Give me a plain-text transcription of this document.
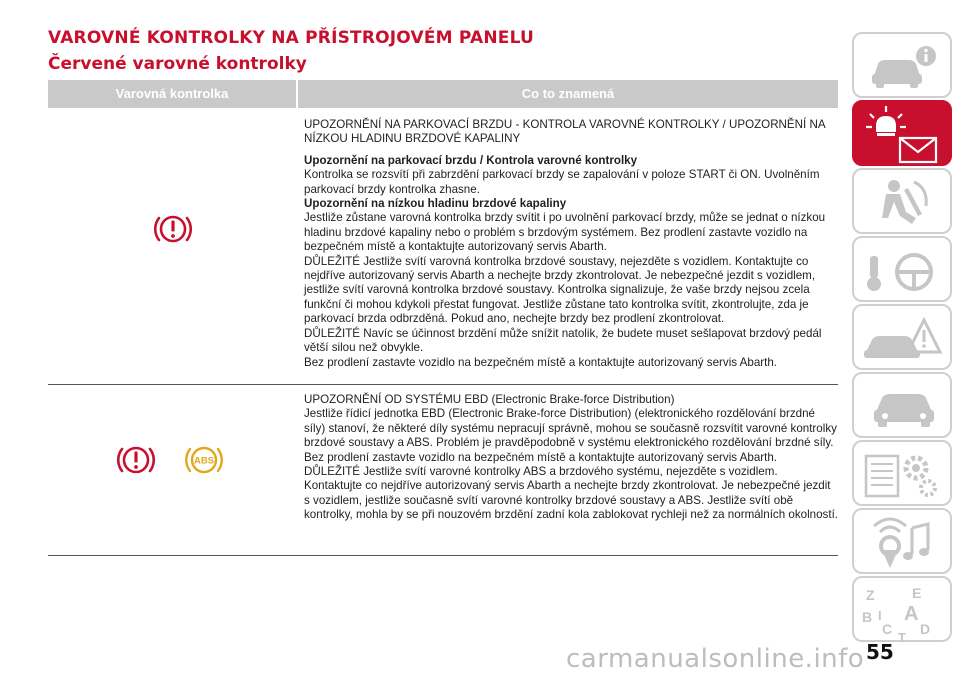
VAROVNÉ KONTROLKY NA PŘÍSTROJOVÉM PANELU
Červené varovné kontrolky
Varovná kontrolka	Co to znamená

UPOZORNĚNÍ NA PARKOVACÍ BRZDU - KONTROLA VAROVNÉ KONTROLKY / UPOZORNĚNÍ NA NÍZKOU HLADINU BRZDOVÉ KAPALINY

Upozornění na parkovací brzdu / Kontrola varovné kontrolky

Kontrolka se rozsvítí při zabrzdění parkovací brzdy se zapalování v poloze START či ON. Uvolněním parkovací brzdy kontrolka zhasne.

Upozornění na nízkou hladinu brzdové kapaliny

Jestliže zůstane varovná kontrolka brzdy svítit i po uvolnění parkovací brzdy, může se jednat o nízkou hladinu brzdové kapaliny nebo o problém s brzdovým systémem. Bez prodlení zastavte vozidlo na bezpečném místě a kontaktujte autorizovaný servis Abarth.

DŮLEŽITÉ Jestliže svítí varovná kontrolka brzdové soustavy, nejezděte s vozidlem. Kontaktujte co nejdříve autorizovaný servis Abarth a nechejte brzdy zkontrolovat. Je nebezpečné jezdit s vozidlem, jestliže svítí varovná kontrolka brzdové soustavy. Kontrolka signalizuje, že vaše brzdy nejsou zcela funkční či mohou kdykoli přestat fungovat. Jestliže zůstane tato kontrolka svítit, zkontrolujte, zda je parkovací brzda odbrzděná. Pokud ano, nechejte brzdy bez prodlení zkontrolovat.

DŮLEŽITÉ Navíc se účinnost brzdění může snížit natolik, že budete muset sešlapovat brzdový pedál větší silou než obvykle.

Bez prodlení zastavte vozidlo na bezpečném místě a kontaktujte autorizovaný servis Abarth.

ABS

UPOZORNĚNÍ OD SYSTÉMU EBD (Electronic Brake-force Distribution)

Jestliže řídicí jednotka EBD (Electronic Brake-force Distribution) (elektronického rozdělování brzdné síly) stanoví, že některé díly systému nepracují správně, mohou se současně rozsvítit varovné kontrolky brzdové soustavy a ABS. Problém je pravděpodobně v systému elektronického rozdělování brzdné síly. Bez prodlení zastavte vozidlo na bezpečném místě a kontaktujte autorizovaný servis Abarth.

DŮLEŽITÉ Jestliže svítí varovné kontrolky ABS a brzdového systému, nejezděte s vozidlem. Kontaktujte co nejdříve autorizovaný servis Abarth a nechejte brzdy zkontrolovat. Je nebezpečné jezdit s vozidlem, jestliže současně svítí varovné kontrolky brzdové soustavy a ABS. Jestliže svítí obě kontrolky, mohla by se při nouzovém brzdění zadní kola zablokovat rychleji než za normálních okolností.

Z	E
B A
C D
T
I
carmanualsonline.info 55
